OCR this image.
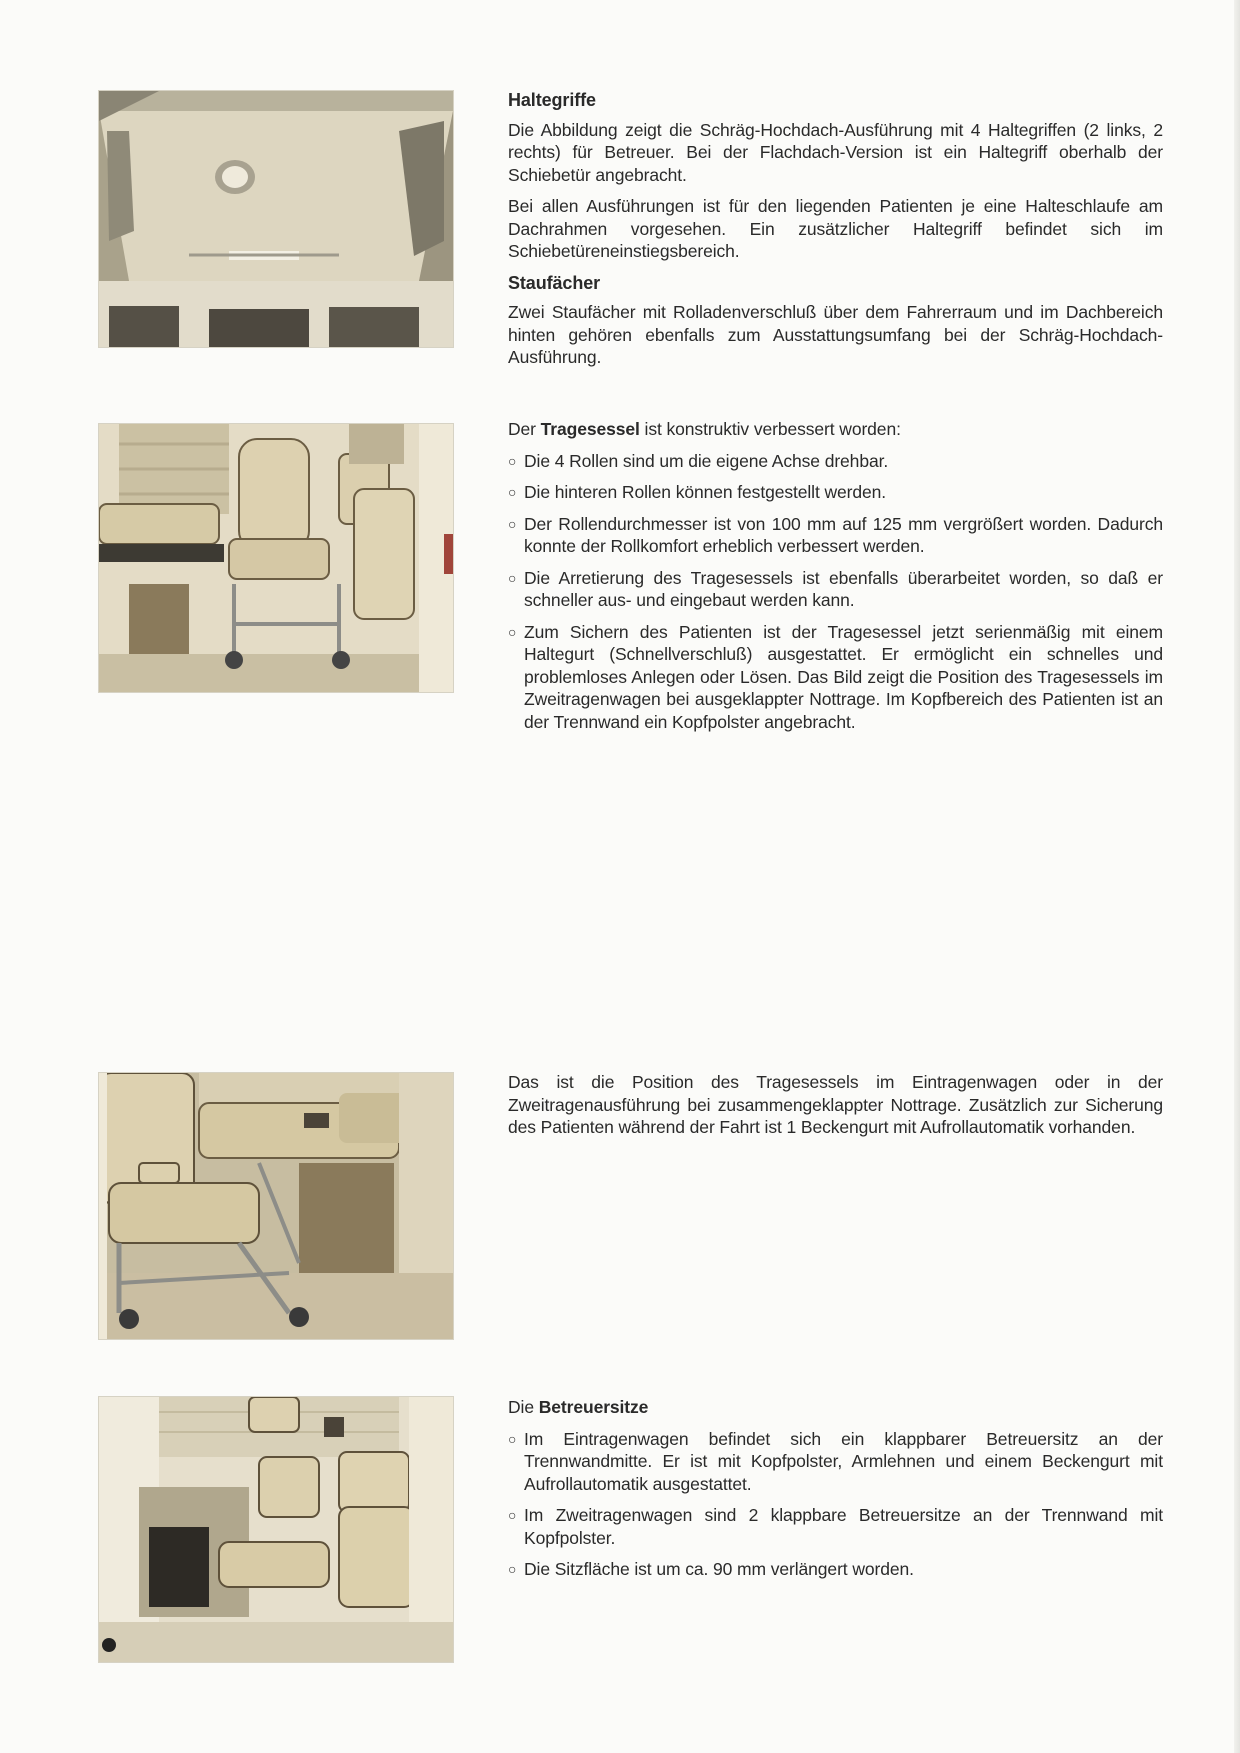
Haltegriffe

Die Abbildung zeigt die Schräg-Hochdach-Ausführung mit 4 Haltegriffen (2 links, 2 rechts) für Betreuer. Bei der Flachdach-Version ist ein Haltegriff oberhalb der Schiebetür angebracht.

Bei allen Ausführungen ist für den liegenden Patienten je eine Halteschlaufe am Dachrahmen vorgesehen. Ein zusätzlicher Haltegriff befindet sich im Schiebetüreneinstiegsbereich.

Staufächer

Zwei Staufächer mit Rolladenverschluß über dem Fahrerraum und im Dachbereich hinten gehören ebenfalls zum Ausstattungsumfang bei der Schräg-Hochdach-Ausführung.

Der Tragesessel ist konstruktiv verbessert worden:

○ Die 4 Rollen sind um die eigene Achse drehbar.
○ Die hinteren Rollen können festgestellt werden.
○ Der Rollendurchmesser ist von 100 mm auf 125 mm vergrößert worden. Dadurch konnte der Rollkomfort erheblich verbessert werden.
○ Die Arretierung des Tragesessels ist ebenfalls überarbeitet worden, so daß er schneller aus- und eingebaut werden kann.
○ Zum Sichern des Patienten ist der Tragesessel jetzt serienmäßig mit einem Haltegurt (Schnellverschluß) ausgestattet. Er ermöglicht ein schnelles und problemloses Anlegen oder Lösen. Das Bild zeigt die Position des Tragesessels im Zweitragenwagen bei ausgeklappter Nottrage. Im Kopfbereich des Patienten ist an der Trennwand ein Kopfpolster angebracht.

Das ist die Position des Tragesessels im Eintragenwagen oder in der Zweitragenausführung bei zusammengeklappter Nottrage. Zusätzlich zur Sicherung des Patienten während der Fahrt ist 1 Beckengurt mit Aufrollautomatik vorhanden.

Die Betreuersitze

○ Im Eintragenwagen befindet sich ein klappbarer Betreuersitz an der Trennwandmitte. Er ist mit Kopfpolster, Armlehnen und einem Beckengurt mit Aufrollautomatik ausgestattet.
○ Im Zweitragenwagen sind 2 klappbare Betreuersitze an der Trennwand mit Kopfpolster.
○ Die Sitzfläche ist um ca. 90 mm verlängert worden.
